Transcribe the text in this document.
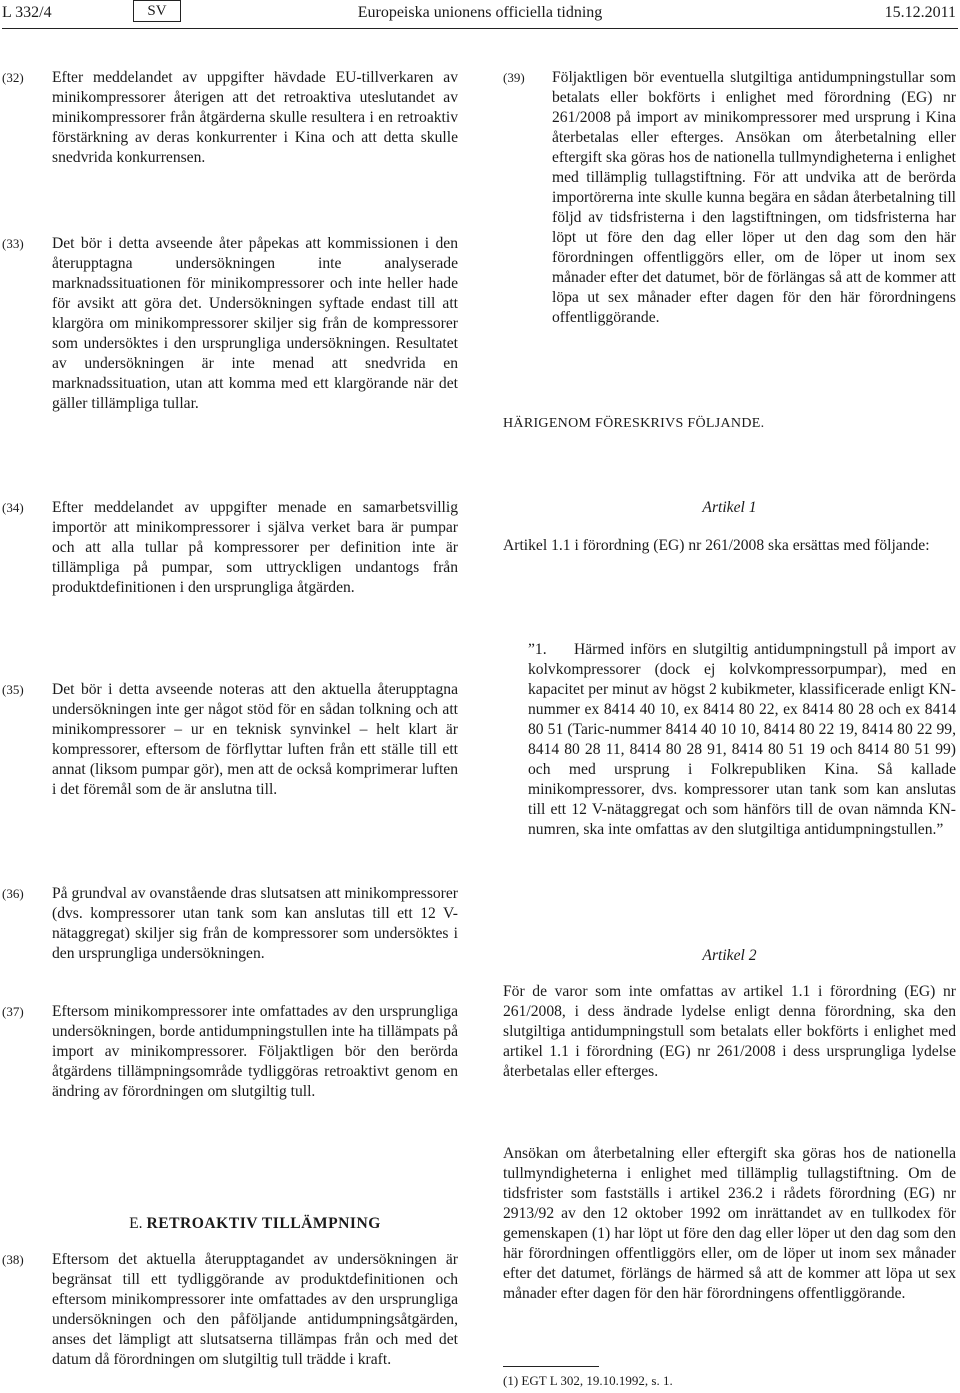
L 332/4	SV	Europeiska unionens officiella tidning	15.12.2011
(32) Efter meddelandet av uppgifter hävdade EU-tillverkaren av minikompressorer återigen att det retroaktiva uteslutandet av minikompressorer från åtgärderna skulle resultera i en retroaktiv förstärkning av deras konkurrenter i Kina och att detta skulle snedvrida konkurrensen.

(33) Det bör i detta avseende åter påpekas att kommissionen i den återupptagna undersökningen inte analyserade marknadssituationen för minikompressorer och inte heller hade för avsikt att göra det. Undersökningen syftade endast till att klargöra om minikompressorer skiljer sig från de kompressorer som undersöktes i den ursprungliga undersökningen. Resultatet av undersökningen är inte menad att snedvrida en marknadssituation, utan att komma med ett klargörande när det gäller tillämpliga tullar.

(34) Efter meddelandet av uppgifter menade en samarbetsvillig importör att minikompressorer i själva verket bara är pumpar och att alla tullar på kompressorer per definition inte är tillämpliga på pumpar, som uttryckligen undantogs från produktdefinitionen i den ursprungliga åtgärden.

(35) Det bör i detta avseende noteras att den aktuella återupptagna undersökningen inte ger något stöd för en sådan tolkning och att minikompressorer – ur en teknisk synvinkel – helt klart är kompressorer, eftersom de förflyttar luften från ett ställe till ett annat (liksom pumpar gör), men att de också komprimerar luften i det föremål som de är anslutna till.

(36) På grundval av ovanstående dras slutsatsen att minikompressorer (dvs. kompressorer utan tank som kan anslutas till ett 12 V-nätaggregat) skiljer sig från de kompressorer som undersöktes i den ursprungliga undersökningen.

(37) Eftersom minikompressorer inte omfattades av den ursprungliga undersökningen, borde antidumpningstullen inte ha tillämpats på import av minikompressorer. Följaktligen bör den berörda åtgärdens tillämpningsområde tydliggöras retroaktivt genom en ändring av förordningen om slutgiltig tull.

E. RETROAKTIV TILLÄMPNING
(38) Eftersom det aktuella återupptagandet av undersökningen är begränsat till ett tydliggörande av produktdefinitionen och eftersom minikompressorer inte omfattades av den ursprungliga undersökningen och den påföljande antidumpningsåtgärden, anses det lämpligt att slutsatserna tillämpas från och med det datum då förordningen om slutgiltig tull trädde i kraft.

(39) Följaktligen bör eventuella slutgiltiga antidumpningstullar som betalats eller bokförts i enlighet med förordning (EG) nr 261/2008 på import av minikompressorer med ursprung i Kina återbetalas eller efterges. Ansökan om återbetalning eller eftergift ska göras hos de nationella tullmyndigheterna i enlighet med tillämplig tullagstiftning. För att undvika att de berörda importörerna inte skulle kunna begära en sådan återbetalning till följd av tidsfristerna i den lagstiftningen, om tidsfristerna har löpt ut före den dag eller löper ut den dag som den här förordningen offentliggörs eller, om de löper ut inom sex månader efter det datumet, bör de förlängas så att de kommer att löpa ut sex månader efter dagen för den här förordningens offentliggörande.

HÄRIGENOM FÖRESKRIVS FÖLJANDE.
Artikel 1

Artikel 1.1 i förordning (EG) nr 261/2008 ska ersättas med följande:

”1.	Härmed införs en slutgiltig antidumpningstull på import av kolvkompressorer (dock ej kolvkompressorpumpar), med en kapacitet per minut av högst 2 kubikmeter, klassificerade enligt KN-nummer ex 8414 40 10, ex 8414 80 22, ex 8414 80 28 och ex 8414 80 51 (Taric-nummer 8414 40 10 10, 8414 80 22 19, 8414 80 22 99, 8414 80 28 11, 8414 80 28 91, 8414 80 51 19 och 8414 80 51 99) och med ursprung i Folkrepubliken Kina. Så kallade minikompressorer, dvs. kompressorer utan tank som kan anslutas till ett 12 V-nätaggregat och som hänförs till de ovan nämnda KN-numren, ska inte omfattas av den slutgiltiga antidumpningstullen.”

Artikel 2

För de varor som inte omfattas av artikel 1.1 i förordning (EG) nr 261/2008, i dess ändrade lydelse enligt denna förordning, ska den slutgiltiga antidumpningstull som betalats eller bokförts i enlighet med artikel 1.1 i förordning (EG) nr 261/2008 i dess ursprungliga lydelse återbetalas eller efterges.

Ansökan om återbetalning eller eftergift ska göras hos de nationella tullmyndigheterna i enlighet med tillämplig tullagstiftning. Om de tidsfrister som fastställs i artikel 236.2 i rådets förordning (EG) nr 2913/92 av den 12 oktober 1992 om inrättandet av en tullkodex för gemenskapen (1) har löpt ut före den dag eller löper ut den dag som den här förordningen offentliggörs eller, om de löper ut inom sex månader efter det datumet, förlängs de härmed så att de kommer att löpa ut sex månader efter dagen för den här förordningens offentliggörande.

(1) EGT L 302, 19.10.1992, s. 1.
